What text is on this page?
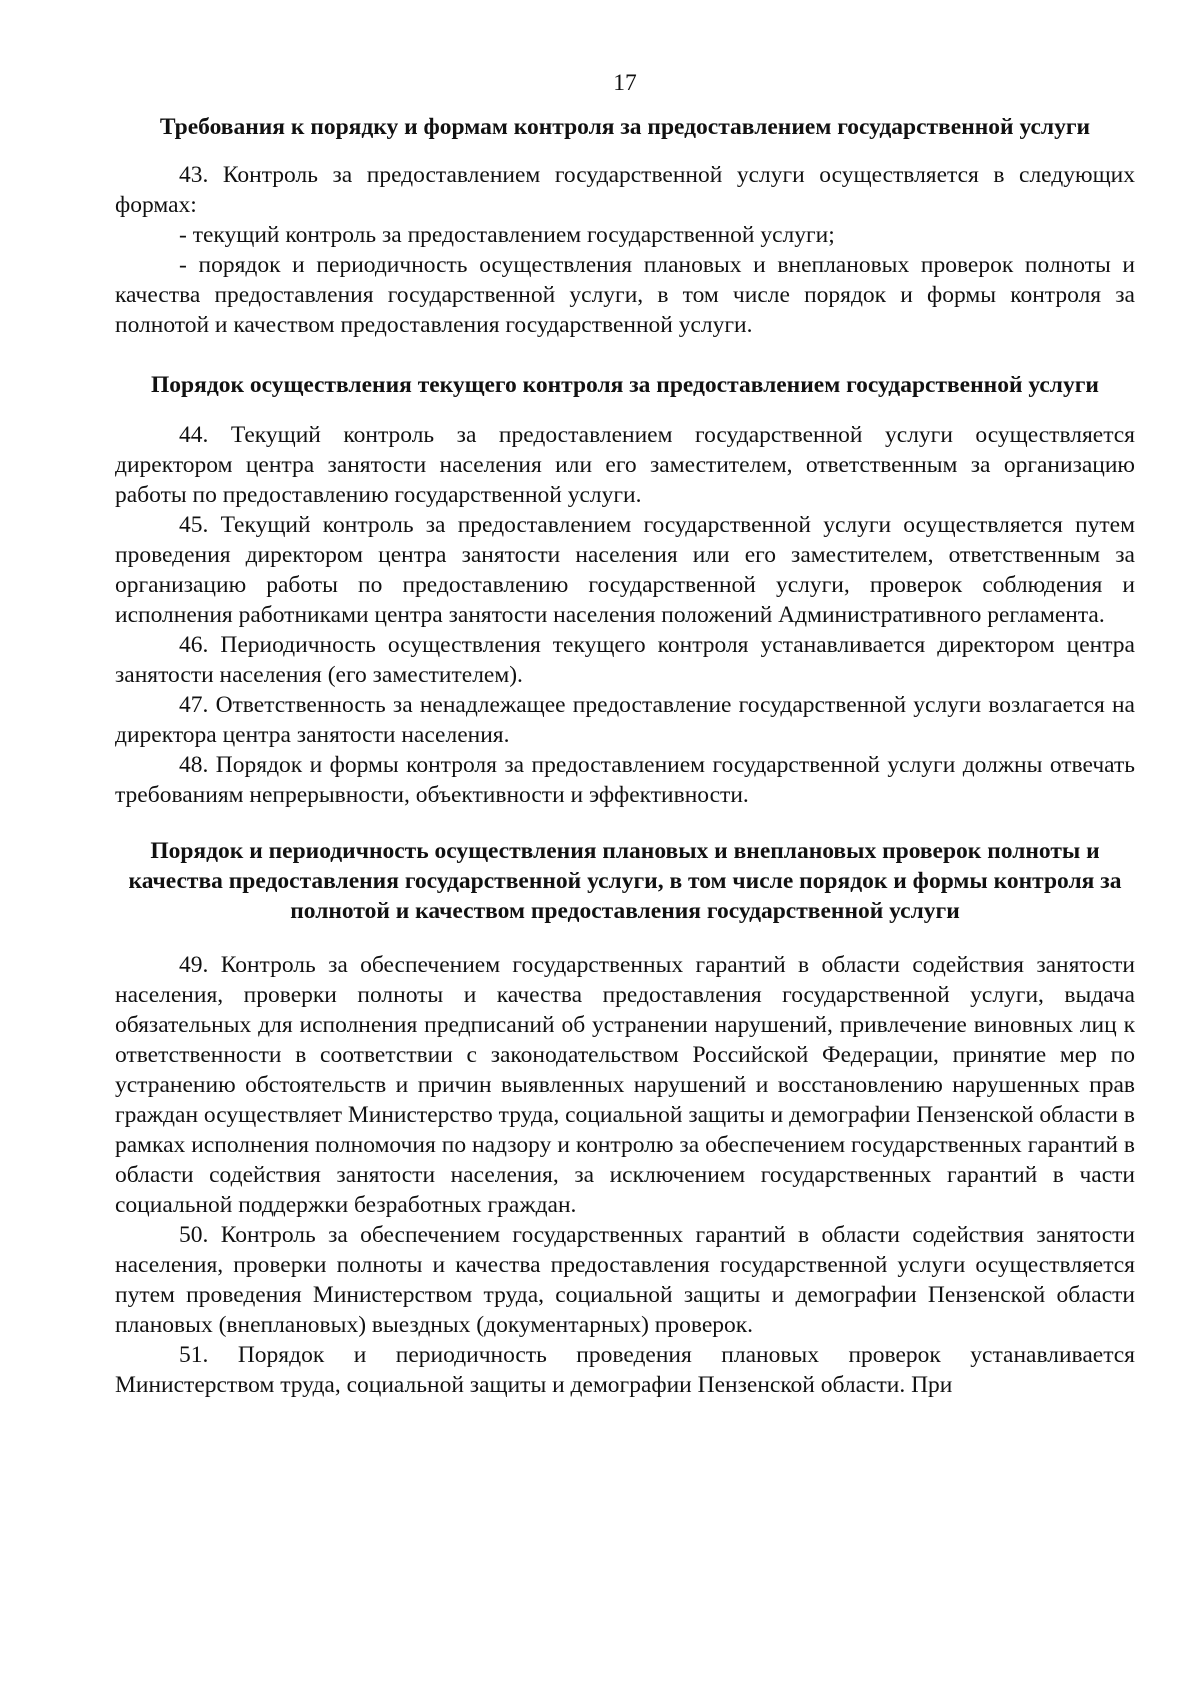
17
Требования к порядку и формам контроля за предоставлением государственной услуги

43. Контроль за предоставлением государственной услуги осуществляется в следующих формах:

- текущий контроль за предоставлением государственной услуги;

- порядок и периодичность осуществления плановых и внеплановых проверок полноты и качества предоставления государственной услуги, в том числе порядок и формы контроля за полнотой и качеством предоставления государственной услуги.

Порядок осуществления текущего контроля за предоставлением государственной услуги

44. Текущий контроль за предоставлением государственной услуги осуществляется директором центра занятости населения или его заместителем, ответственным за организацию работы по предоставлению государственной услуги.

45. Текущий контроль за предоставлением государственной услуги осуществляется путем проведения директором центра занятости населения или его заместителем, ответственным за организацию работы по предоставлению государственной услуги, проверок соблюдения и исполнения работниками центра занятости населения положений Административного регламента.

46. Периодичность осуществления текущего контроля устанавливается директором центра занятости населения (его заместителем).

47. Ответственность за ненадлежащее предоставление государственной услуги возлагается на директора центра занятости населения.

48. Порядок и формы контроля за предоставлением государственной услуги должны отвечать требованиям непрерывности, объективности и эффективности.

Порядок и периодичность осуществления плановых и внеплановых проверок полноты и качества предоставления государственной услуги, в том числе порядок и формы контроля за полнотой и качеством предоставления государственной услуги

49. Контроль за обеспечением государственных гарантий в области содействия занятости населения, проверки полноты и качества предоставления государственной услуги, выдача обязательных для исполнения предписаний об устранении нарушений, привлечение виновных лиц к ответственности в соответствии с законодательством Российской Федерации, принятие мер по устранению обстоятельств и причин выявленных нарушений и восстановлению нарушенных прав граждан осуществляет Министерство труда, социальной защиты и демографии Пензенской области в рамках исполнения полномочия по надзору и контролю за обеспечением государственных гарантий в области содействия занятости населения, за исключением государственных гарантий в части социальной поддержки безработных граждан.

50. Контроль за обеспечением государственных гарантий в области содействия занятости населения, проверки полноты и качества предоставления государственной услуги осуществляется путем проведения Министерством труда, социальной защиты и демографии Пензенской области плановых (внеплановых) выездных (документарных) проверок.

51. Порядок и периодичность проведения плановых проверок устанавливается Министерством труда, социальной защиты и демографии Пензенской области. При
